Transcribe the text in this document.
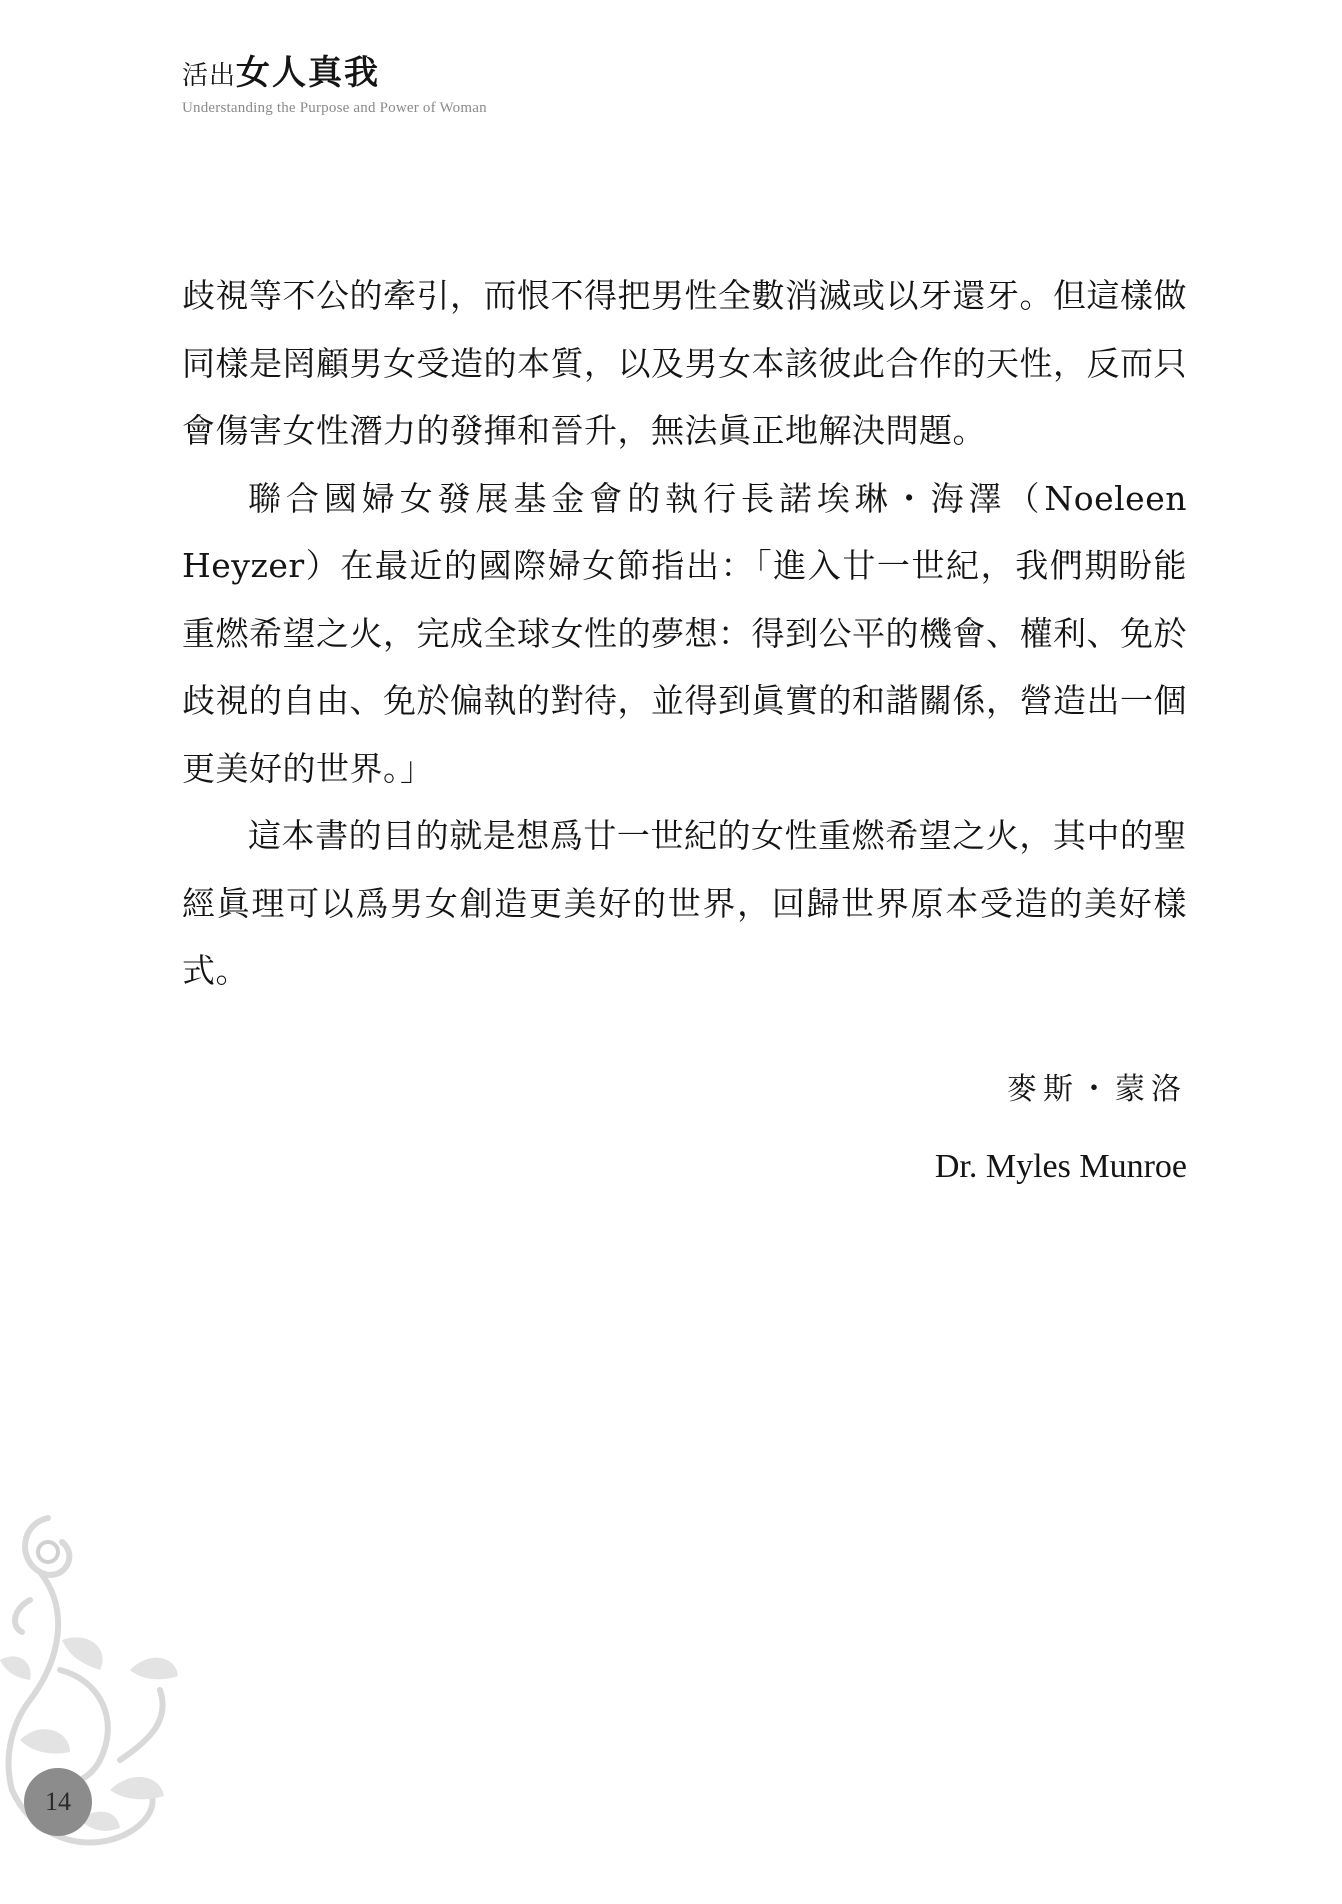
活出女人真我
Understanding the Purpose and Power of Woman

歧視等不公的牽引，而恨不得把男性全數消滅或以牙還牙。但這樣做同樣是罔顧男女受造的本質，以及男女本該彼此合作的天性，反而只會傷害女性潛力的發揮和晉升，無法眞正地解決問題。

聯合國婦女發展基金會的執行長諾埃琳・海澤（Noeleen Heyzer）在最近的國際婦女節指出：「進入廿一世紀，我們期盼能重燃希望之火，完成全球女性的夢想：得到公平的機會、權利、免於歧視的自由、免於偏執的對待，並得到眞實的和諧關係，營造出一個更美好的世界。」

這本書的目的就是想爲廿一世紀的女性重燃希望之火，其中的聖經眞理可以爲男女創造更美好的世界，回歸世界原本受造的美好樣式。

麥斯・蒙洛
Dr. Myles Munroe
14
